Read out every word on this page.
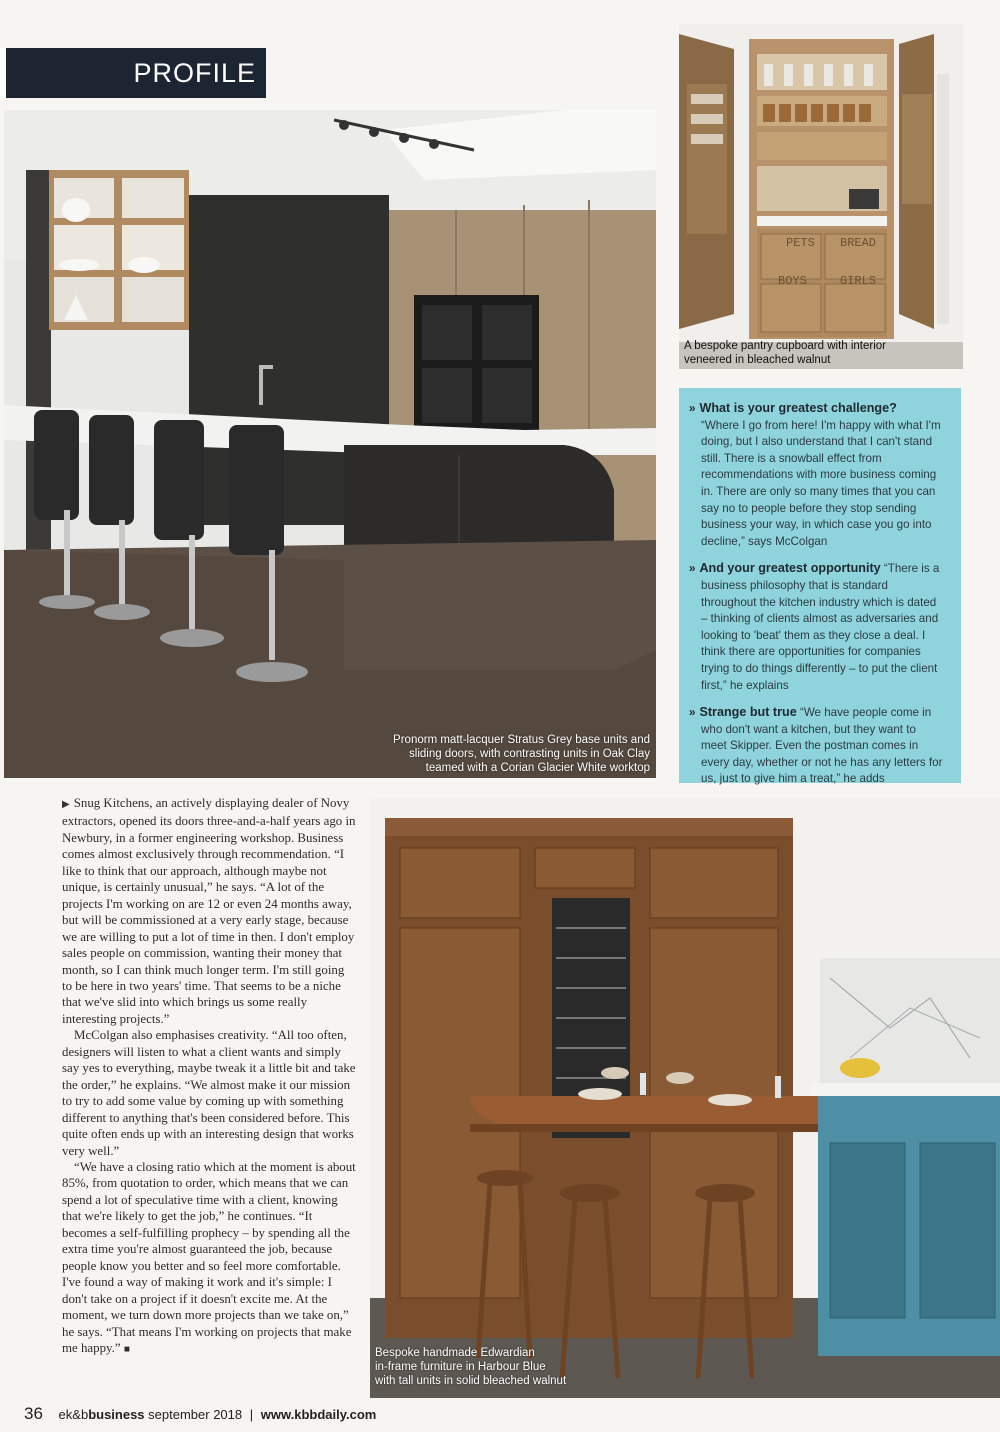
PROFILE
Pronorm matt-lacquer Stratus Grey base units and
sliding doors, with contrasting units in Oak Clay
teamed with a Corian Glacier White worktop
PETS BREAD
BOYS	GIRLS
A bespoke pantry cupboard with interior
veneered in bleached walnut
» What is your greatest challenge?
“Where I go from here! I'm happy with what I'm doing, but I also understand that I can't stand still. There is a snowball effect from recommendations with more business coming in. There are only so many times that you can say no to people before they stop sending business your way, in which case you go into decline,” says McColgan
» And your greatest opportunity “There is a business philosophy that is standard throughout the kitchen industry which is dated – thinking of clients almost as adversaries and looking to 'beat' them as they close a deal. I think there are opportunities for companies trying to do things differently – to put the client first,” he explains
» Strange but true “We have people come in who don't want a kitchen, but they want to meet Skipper. Even the postman comes in every day, whether or not he has any letters for us, just to give him a treat,” he adds

▶ Snug Kitchens, an actively displaying dealer of Novy extractors, opened its doors three-and-a-half years ago in Newbury, in a former engineering workshop. Business comes almost exclusively through recommendation. “I like to think that our approach, although maybe not unique, is certainly unusual,” he says. “A lot of the projects I'm working on are 12 or even 24 months away, but will be commissioned at a very early stage, because we are willing to put a lot of time in then. I don't employ sales people on commission, wanting their money that month, so I can think much longer term. I'm still going to be here in two years' time. That seems to be a niche that we've slid into which brings us some really interesting projects.”

McColgan also emphasises creativity. “All too often, designers will listen to what a client wants and simply say yes to everything, maybe tweak it a little bit and take the order,” he explains. “We almost make it our mission to try to add some value by coming up with something different to anything that's been considered before. This quite often ends up with an interesting design that works very well.”

“We have a closing ratio which at the moment is about 85%, from quotation to order, which means that we can spend a lot of speculative time with a client, knowing that we're likely to get the job,” he continues. “It becomes a self-fulfilling prophecy – by spending all the extra time you're almost guaranteed the job, because people know you better and so feel more comfortable. I've found a way of making it work and it's simple: I don't take on a project if it doesn't excite me. At the moment, we turn down more projects than we take on,” he says. “That means I'm working on projects that make me happy.” ■	Bespoke handmade Edwardian
in-frame furniture in Harbour Blue
with tall units in solid bleached walnut
36 ek&bbusiness september 2018 | www.kbbdaily.com
